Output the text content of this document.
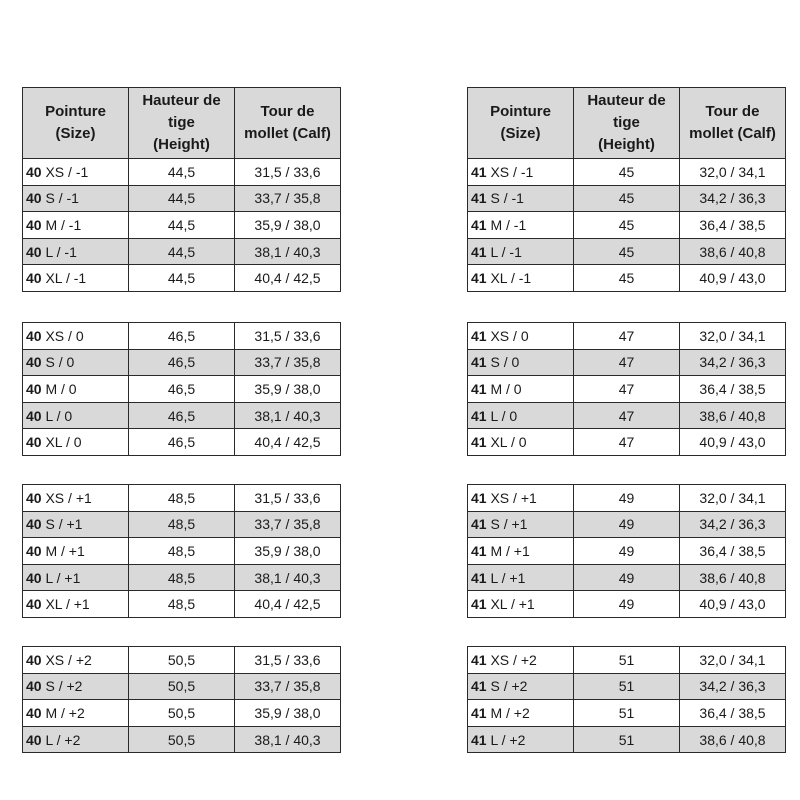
Pointure
(Size)	Hauteur de
tige
(Height)	Tour de
mollet (Calf)

40 XS / -1	44,5	31,5 / 33,6
40 S / -1	44,5	33,7 / 35,8
40 M / -1	44,5	35,9 / 38,0
40 L / -1	44,5	38,1 / 40,3
40 XL / -1	44,5	40,4 / 42,5
Pointure
(Size)	Hauteur de
tige
(Height)	Tour de
mollet (Calf)

41 XS / -1	45	32,0 / 34,1
41 S / -1	45	34,2 / 36,3
41 M / -1	45	36,4 / 38,5
41 L / -1	45	38,6 / 40,8
41 XL / -1	45	40,9 / 43,0
40 XS / 0	46,5	31,5 / 33,6
40 S / 0	46,5	33,7 / 35,8
40 M / 0	46,5	35,9 / 38,0
40 L / 0	46,5	38,1 / 40,3
40 XL / 0	46,5	40,4 / 42,5
41 XS / 0	47	32,0 / 34,1
41 S / 0	47	34,2 / 36,3
41 M / 0	47	36,4 / 38,5
41 L / 0	47	38,6 / 40,8
41 XL / 0	47	40,9 / 43,0
40 XS / +1	48,5	31,5 / 33,6
40 S / +1	48,5	33,7 / 35,8
40 M / +1	48,5	35,9 / 38,0
40 L / +1	48,5	38,1 / 40,3
40 XL / +1	48,5	40,4 / 42,5
41 XS / +1	49	32,0 / 34,1
41 S / +1	49	34,2 / 36,3
41 M / +1	49	36,4 / 38,5
41 L / +1	49	38,6 / 40,8
41 XL / +1	49	40,9 / 43,0
40 XS / +2	50,5	31,5 / 33,6
40 S / +2	50,5	33,7 / 35,8
40 M / +2	50,5	35,9 / 38,0
40 L / +2	50,5	38,1 / 40,3
41 XS / +2	51	32,0 / 34,1
41 S / +2	51	34,2 / 36,3
41 M / +2	51	36,4 / 38,5
41 L / +2	51	38,6 / 40,8
